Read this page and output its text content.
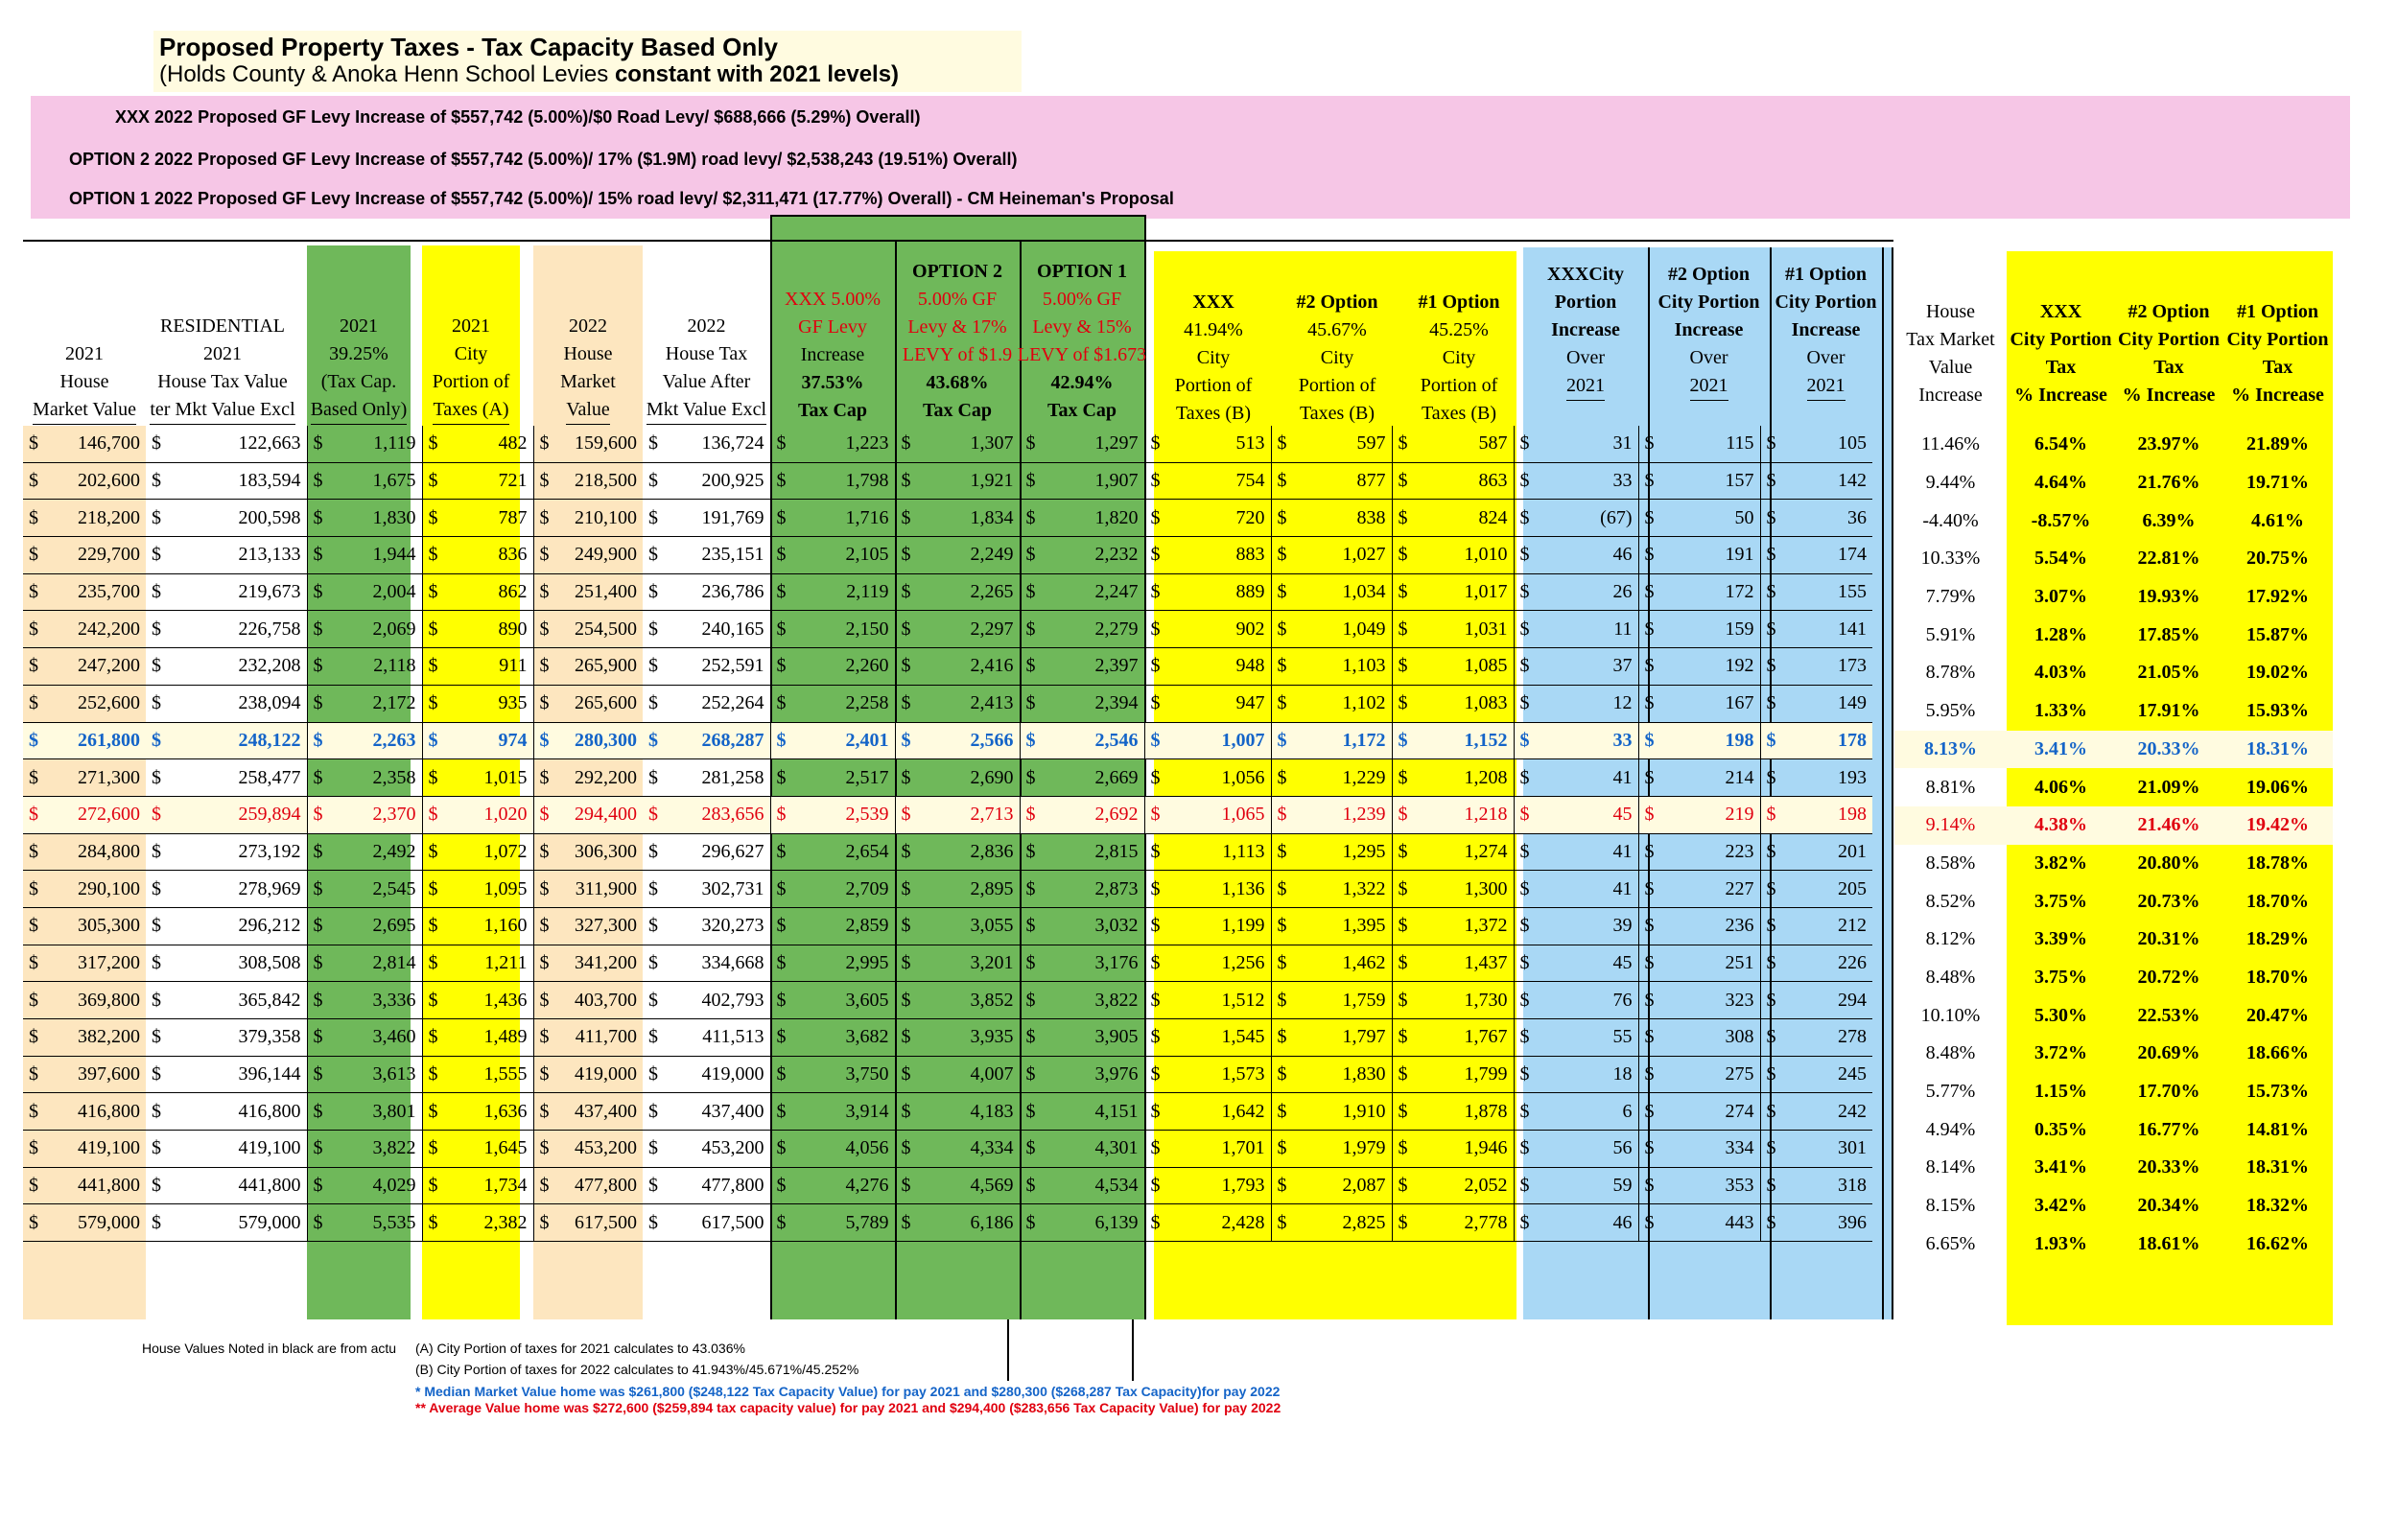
Proposed Property Taxes - Tax Capacity Based Only
(Holds County & Anoka Henn School Levies constant with 2021 levels)
XXX 2022 Proposed GF Levy Increase of $557,742 (5.00%)/$0 Road Levy/ $688,666 (5.29%) Overall)
OPTION 2 2022 Proposed GF Levy Increase of $557,742 (5.00%)/ 17% ($1.9M) road levy/ $2,538,243 (19.51%) Overall)
OPTION 1 2022 Proposed GF Levy Increase of $557,742 (5.00%)/ 15% road levy/ $2,311,471 (17.77%) Overall) - CM Heineman's Proposal
2021
House
Market Value
RESIDENTIAL
2021
House Tax Value
ter Mkt Value Excl
2021
39.25%
(Tax Cap.
Based Only)
2021
City
Portion of
Taxes (A)
2022
House
Market
Value
2022
House Tax
Value After
Mkt Value Excl
XXX 5.00%
GF Levy
Increase
37.53%
Tax Cap
OPTION 2
5.00% GF
Levy & 17%
LEVY of $1.9
43.68%
Tax Cap
OPTION 1
5.00% GF
Levy & 15%
LEVY of $1.673
42.94%
Tax Cap
XXX
41.94%
City
Portion of
Taxes (B)
#2 Option
45.67%
City
Portion of
Taxes (B)
#1 Option
45.25%
City
Portion of
Taxes (B)
XXXCity
Portion
Increase
Over
2021
#2 Option
City Portion
Increase
Over
2021
#1 Option
City Portion
Increase
Over
2021
House
Tax Market
Value
Increase
XXX
City Portion
Tax
% Increase
#2 Option
City Portion
Tax
% Increase
#1 Option
City Portion
Tax
% Increase
$ 146,700	$ 122,663	$ 1,119	$ 482	$ 159,600	$ 136,724	$ 1,223	$ 1,307	$ 1,297	$ 513	$ 597	$ 587	$ 31	$ 115	$ 105

$ 202,600	$ 183,594	$ 1,675	$ 721	$ 218,500	$ 200,925	$ 1,798	$ 1,921	$ 1,907	$ 754	$ 877	$ 863	$ 33	$ 157	$ 142

$ 218,200	$ 200,598	$ 1,830	$ 787	$ 210,100	$ 191,769	$ 1,716	$ 1,834	$ 1,820	$ 720	$ 838	$ 824	$ (67)	$ 50	$ 36

$ 229,700	$ 213,133	$ 1,944	$ 836	$ 249,900	$ 235,151	$ 2,105	$ 2,249	$ 2,232	$ 883	$ 1,027	$ 1,010	$ 46	$ 191	$ 174

$ 235,700	$ 219,673	$ 2,004	$ 862	$ 251,400	$ 236,786	$ 2,119	$ 2,265	$ 2,247	$ 889	$ 1,034	$ 1,017	$ 26	$ 172	$ 155

$ 242,200	$ 226,758	$ 2,069	$ 890	$ 254,500	$ 240,165	$ 2,150	$ 2,297	$ 2,279	$ 902	$ 1,049	$ 1,031	$ 11	$ 159	$ 141

$ 247,200	$ 232,208	$ 2,118	$ 911	$ 265,900	$ 252,591	$ 2,260	$ 2,416	$ 2,397	$ 948	$ 1,103	$ 1,085	$ 37	$ 192	$ 173

$ 252,600	$ 238,094	$ 2,172	$ 935	$ 265,600	$ 252,264	$ 2,258	$ 2,413	$ 2,394	$ 947	$ 1,102	$ 1,083	$ 12	$ 167	$ 149

$ 261,800	$ 248,122	$ 2,263	$ 974	$ 280,300	$ 268,287	$ 2,401	$ 2,566	$ 2,546	$ 1,007	$ 1,172	$ 1,152	$ 33	$ 198	$ 178

$ 271,300	$ 258,477	$ 2,358	$ 1,015	$ 292,200	$ 281,258	$ 2,517	$ 2,690	$ 2,669	$ 1,056	$ 1,229	$ 1,208	$ 41	$ 214	$ 193

$ 272,600	$ 259,894	$ 2,370	$ 1,020	$ 294,400	$ 283,656	$ 2,539	$ 2,713	$ 2,692	$ 1,065	$ 1,239	$ 1,218	$ 45	$ 219	$ 198

$ 284,800	$ 273,192	$ 2,492	$ 1,072	$ 306,300	$ 296,627	$ 2,654	$ 2,836	$ 2,815	$ 1,113	$ 1,295	$ 1,274	$ 41	$ 223	$ 201

$ 290,100	$ 278,969	$ 2,545	$ 1,095	$ 311,900	$ 302,731	$ 2,709	$ 2,895	$ 2,873	$ 1,136	$ 1,322	$ 1,300	$ 41	$ 227	$ 205

$ 305,300	$ 296,212	$ 2,695	$ 1,160	$ 327,300	$ 320,273	$ 2,859	$ 3,055	$ 3,032	$ 1,199	$ 1,395	$ 1,372	$ 39	$ 236	$ 212

$ 317,200	$ 308,508	$ 2,814	$ 1,211	$ 341,200	$ 334,668	$ 2,995	$ 3,201	$ 3,176	$ 1,256	$ 1,462	$ 1,437	$ 45	$ 251	$ 226

$ 369,800	$ 365,842	$ 3,336	$ 1,436	$ 403,700	$ 402,793	$ 3,605	$ 3,852	$ 3,822	$ 1,512	$ 1,759	$ 1,730	$ 76	$ 323	$ 294

$ 382,200	$ 379,358	$ 3,460	$ 1,489	$ 411,700	$ 411,513	$ 3,682	$ 3,935	$ 3,905	$ 1,545	$ 1,797	$ 1,767	$ 55	$ 308	$ 278

$ 397,600	$ 396,144	$ 3,613	$ 1,555	$ 419,000	$ 419,000	$ 3,750	$ 4,007	$ 3,976	$ 1,573	$ 1,830	$ 1,799	$ 18	$ 275	$ 245

$ 416,800	$ 416,800	$ 3,801	$ 1,636	$ 437,400	$ 437,400	$ 3,914	$ 4,183	$ 4,151	$ 1,642	$ 1,910	$ 1,878	$ 6	$ 274	$ 242

$ 419,100	$ 419,100	$ 3,822	$ 1,645	$ 453,200	$ 453,200	$ 4,056	$ 4,334	$ 4,301	$ 1,701	$ 1,979	$ 1,946	$ 56	$ 334	$ 301

$ 441,800	$ 441,800	$ 4,029	$ 1,734	$ 477,800	$ 477,800	$ 4,276	$ 4,569	$ 4,534	$ 1,793	$ 2,087	$ 2,052	$ 59	$ 353	$ 318

$ 579,000	$ 579,000	$ 5,535	$ 2,382	$ 617,500	$ 617,500	$ 5,789	$ 6,186	$ 6,139	$ 2,428	$ 2,825	$ 2,778	$ 46	$ 443	$ 396
11.46%	6.54%	23.97%	21.89%
9.44%	4.64%	21.76%	19.71%
-4.40%	-8.57%	6.39%	4.61%
10.33%	5.54%	22.81%	20.75%
7.79%	3.07%	19.93%	17.92%
5.91%	1.28%	17.85%	15.87%
8.78%	4.03%	21.05%	19.02%
5.95%	1.33%	17.91%	15.93%
8.13%	3.41%	20.33%	18.31%
8.81%	4.06%	21.09%	19.06%
9.14%	4.38%	21.46%	19.42%
8.58%	3.82%	20.80%	18.78%
8.52%	3.75%	20.73%	18.70%
8.12%	3.39%	20.31%	18.29%
8.48%	3.75%	20.72%	18.70%
10.10%	5.30%	22.53%	20.47%
8.48%	3.72%	20.69%	18.66%
5.77%	1.15%	17.70%	15.73%
4.94%	0.35%	16.77%	14.81%
8.14%	3.41%	20.33%	18.31%
8.15%	3.42%	20.34%	18.32%
6.65%	1.93%	18.61%	16.62%
House Values Noted in black are from actu (A) City Portion of taxes for 2021 calculates to 43.036%
(B) City Portion of taxes for 2022 calculates to 41.943%/45.671%/45.252%
* Median Market Value home was $261,800 ($248,122 Tax Capacity Value) for pay 2021 and $280,300 ($268,287 Tax Capacity)for pay 2022
** Average Value home was $272,600 ($259,894 tax capacity value) for pay 2021 and $294,400 ($283,656 Tax Capacity Value) for pay 2022
